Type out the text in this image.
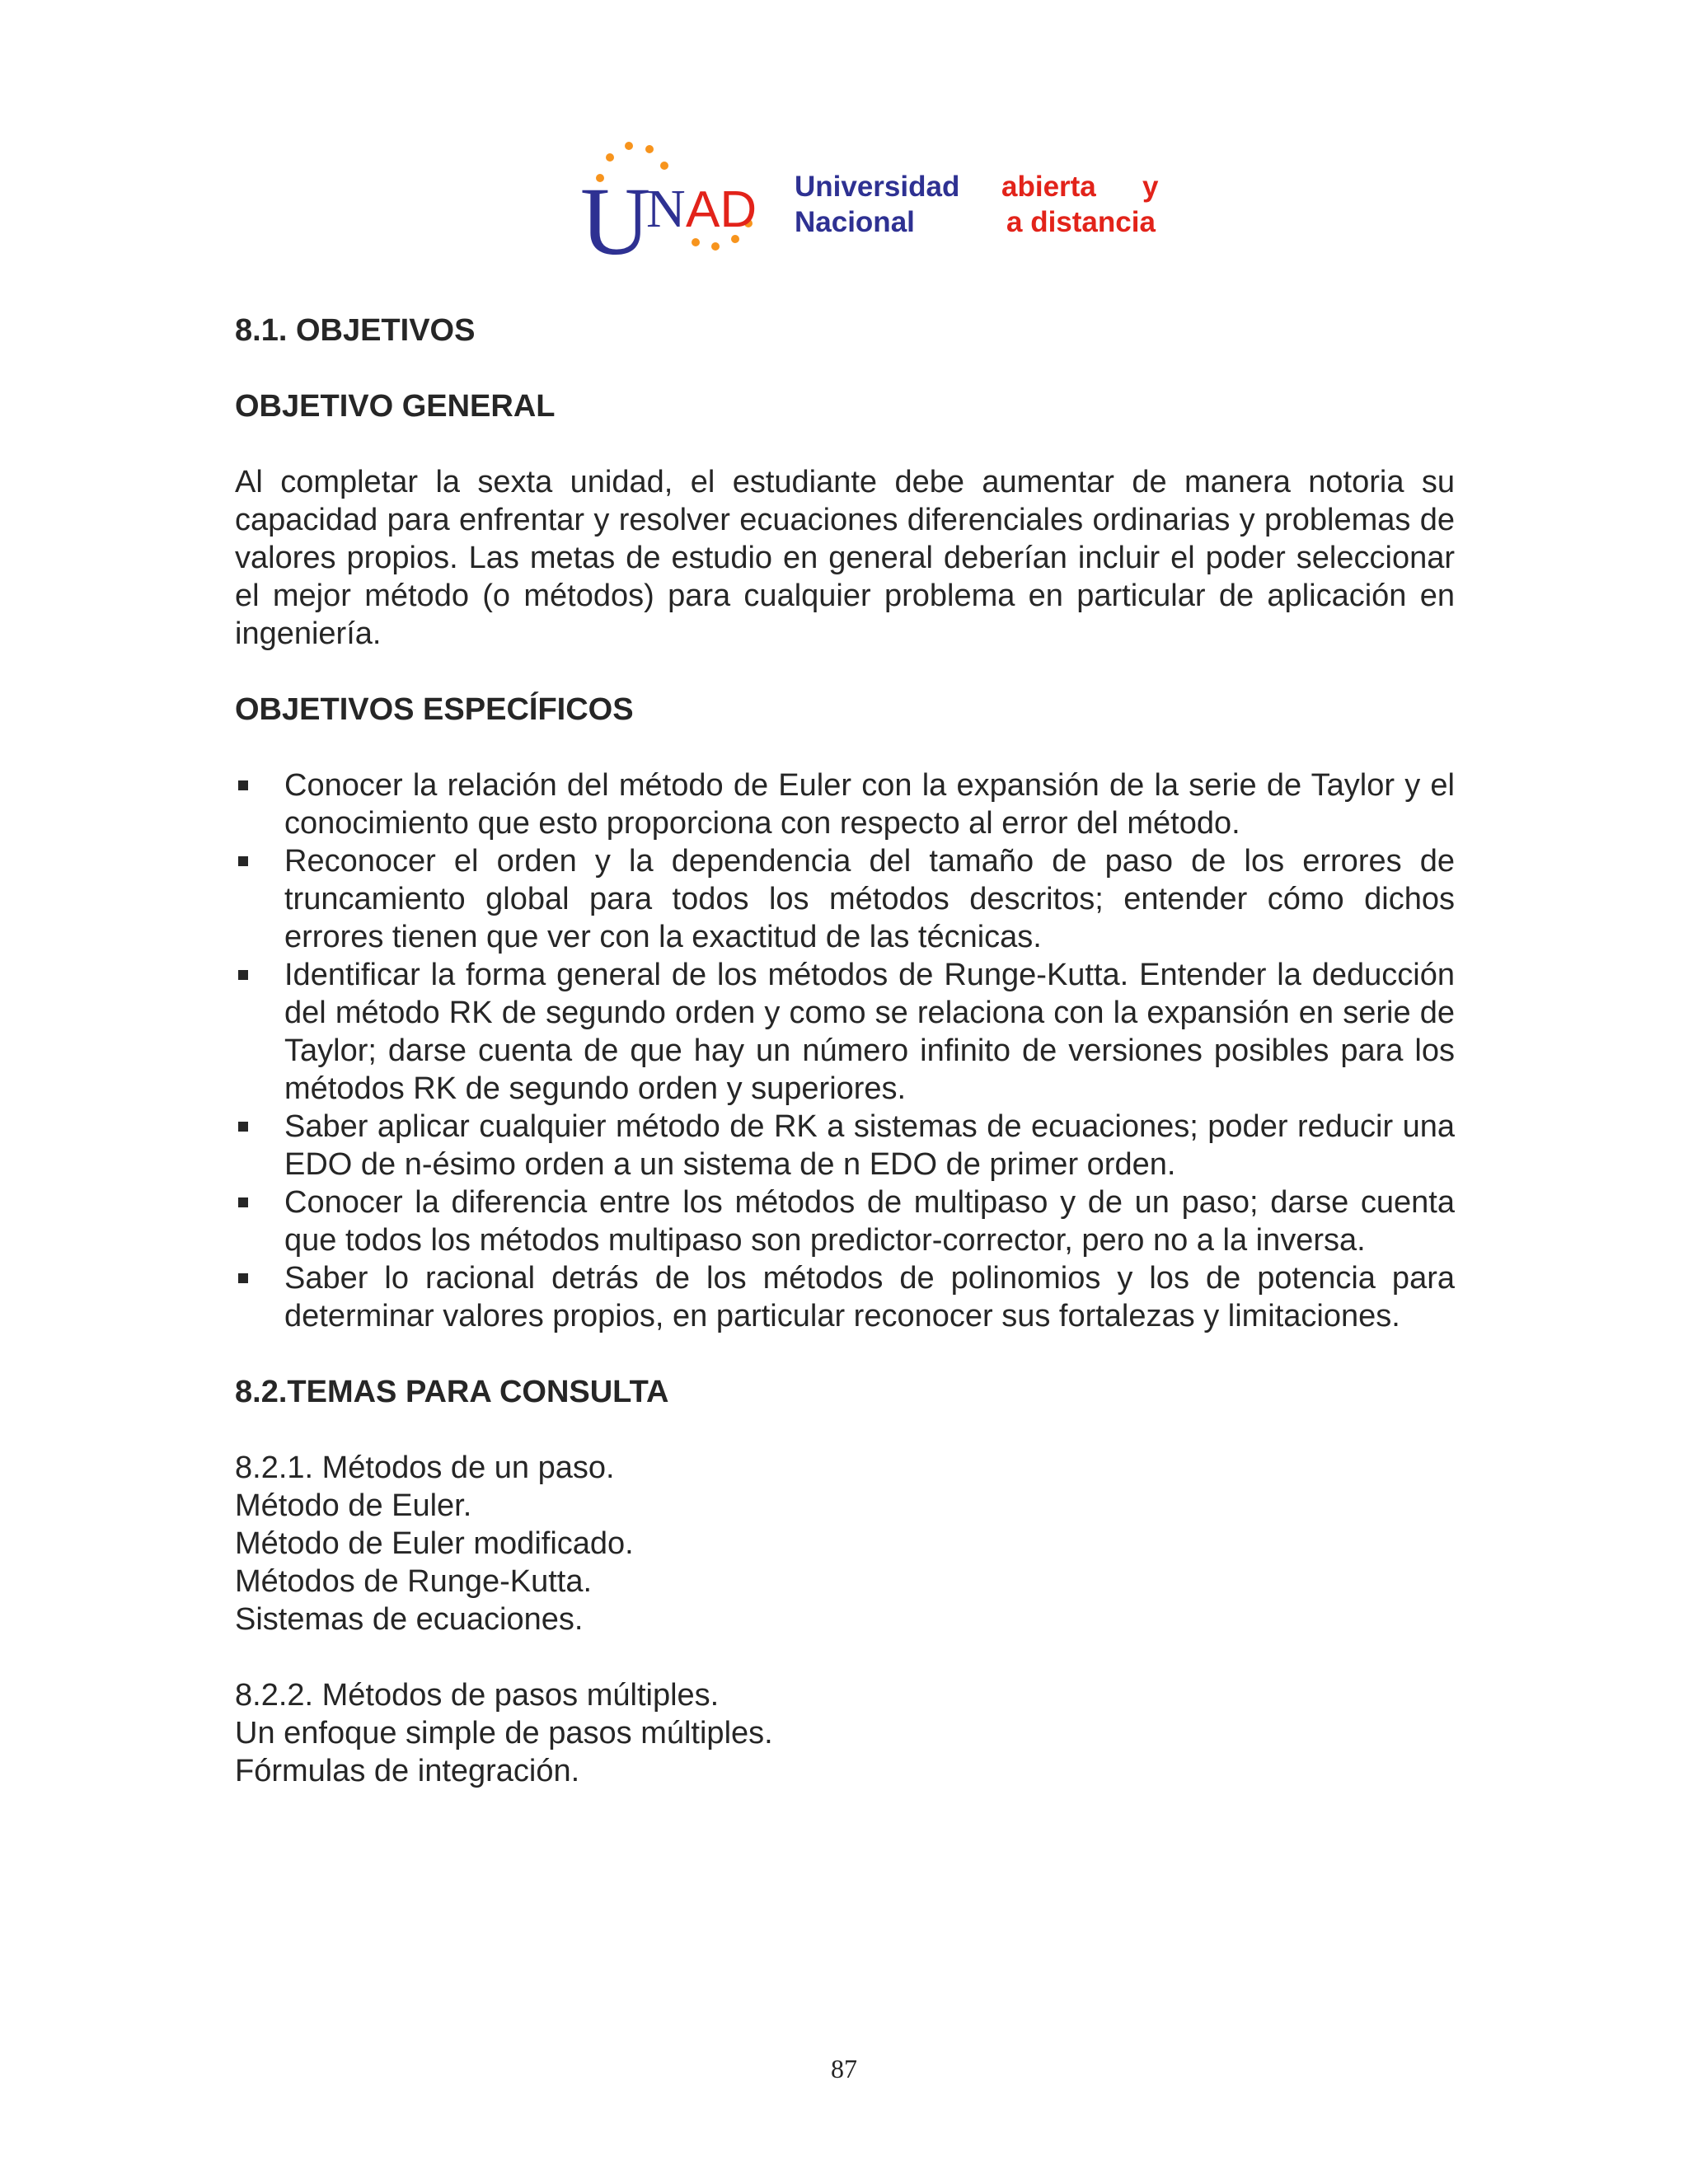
U
N AD Universidad
Nacional
abierta y
a distancia
8.1. OBJETIVOS
OBJETIVO GENERAL

Al completar la sexta unidad, el estudiante debe aumentar de manera notoria su capacidad para enfrentar y resolver ecuaciones diferenciales ordinarias y problemas de valores propios. Las metas de estudio en general deberían incluir el poder seleccionar el mejor método (o métodos) para cualquier problema en particular de aplicación en ingeniería.

OBJETIVOS ESPECÍFICOS
Conocer la relación del método de Euler con la expansión de la serie de Taylor y el conocimiento que esto proporciona con respecto al error del método.
Reconocer el orden y la dependencia del tamaño de paso de los errores de truncamiento global para todos los métodos descritos; entender cómo dichos errores tienen que ver con la exactitud de las técnicas.
Identificar la forma general de los métodos de Runge-Kutta. Entender la deducción del método RK de segundo orden y como se relaciona con la expansión en serie de Taylor; darse cuenta de que hay un número infinito de versiones posibles para los métodos RK de segundo orden y superiores.
Saber aplicar cualquier método de RK a sistemas de ecuaciones; poder reducir una EDO de n-ésimo orden a un sistema de n EDO de primer orden.
Conocer la diferencia entre los métodos de multipaso y de un paso; darse cuenta que todos los métodos multipaso son predictor-corrector, pero no a la inversa.
Saber lo racional detrás de los métodos de polinomios y los de potencia para determinar valores propios, en particular reconocer sus fortalezas y limitaciones.
8.2.TEMAS PARA CONSULTA

8.2.1. Métodos de un paso.

Método de Euler.

Método de Euler modificado.

Métodos de Runge-Kutta.

Sistemas de ecuaciones.

8.2.2. Métodos de pasos múltiples.

Un enfoque simple de pasos múltiples.

Fórmulas de integración.

87
